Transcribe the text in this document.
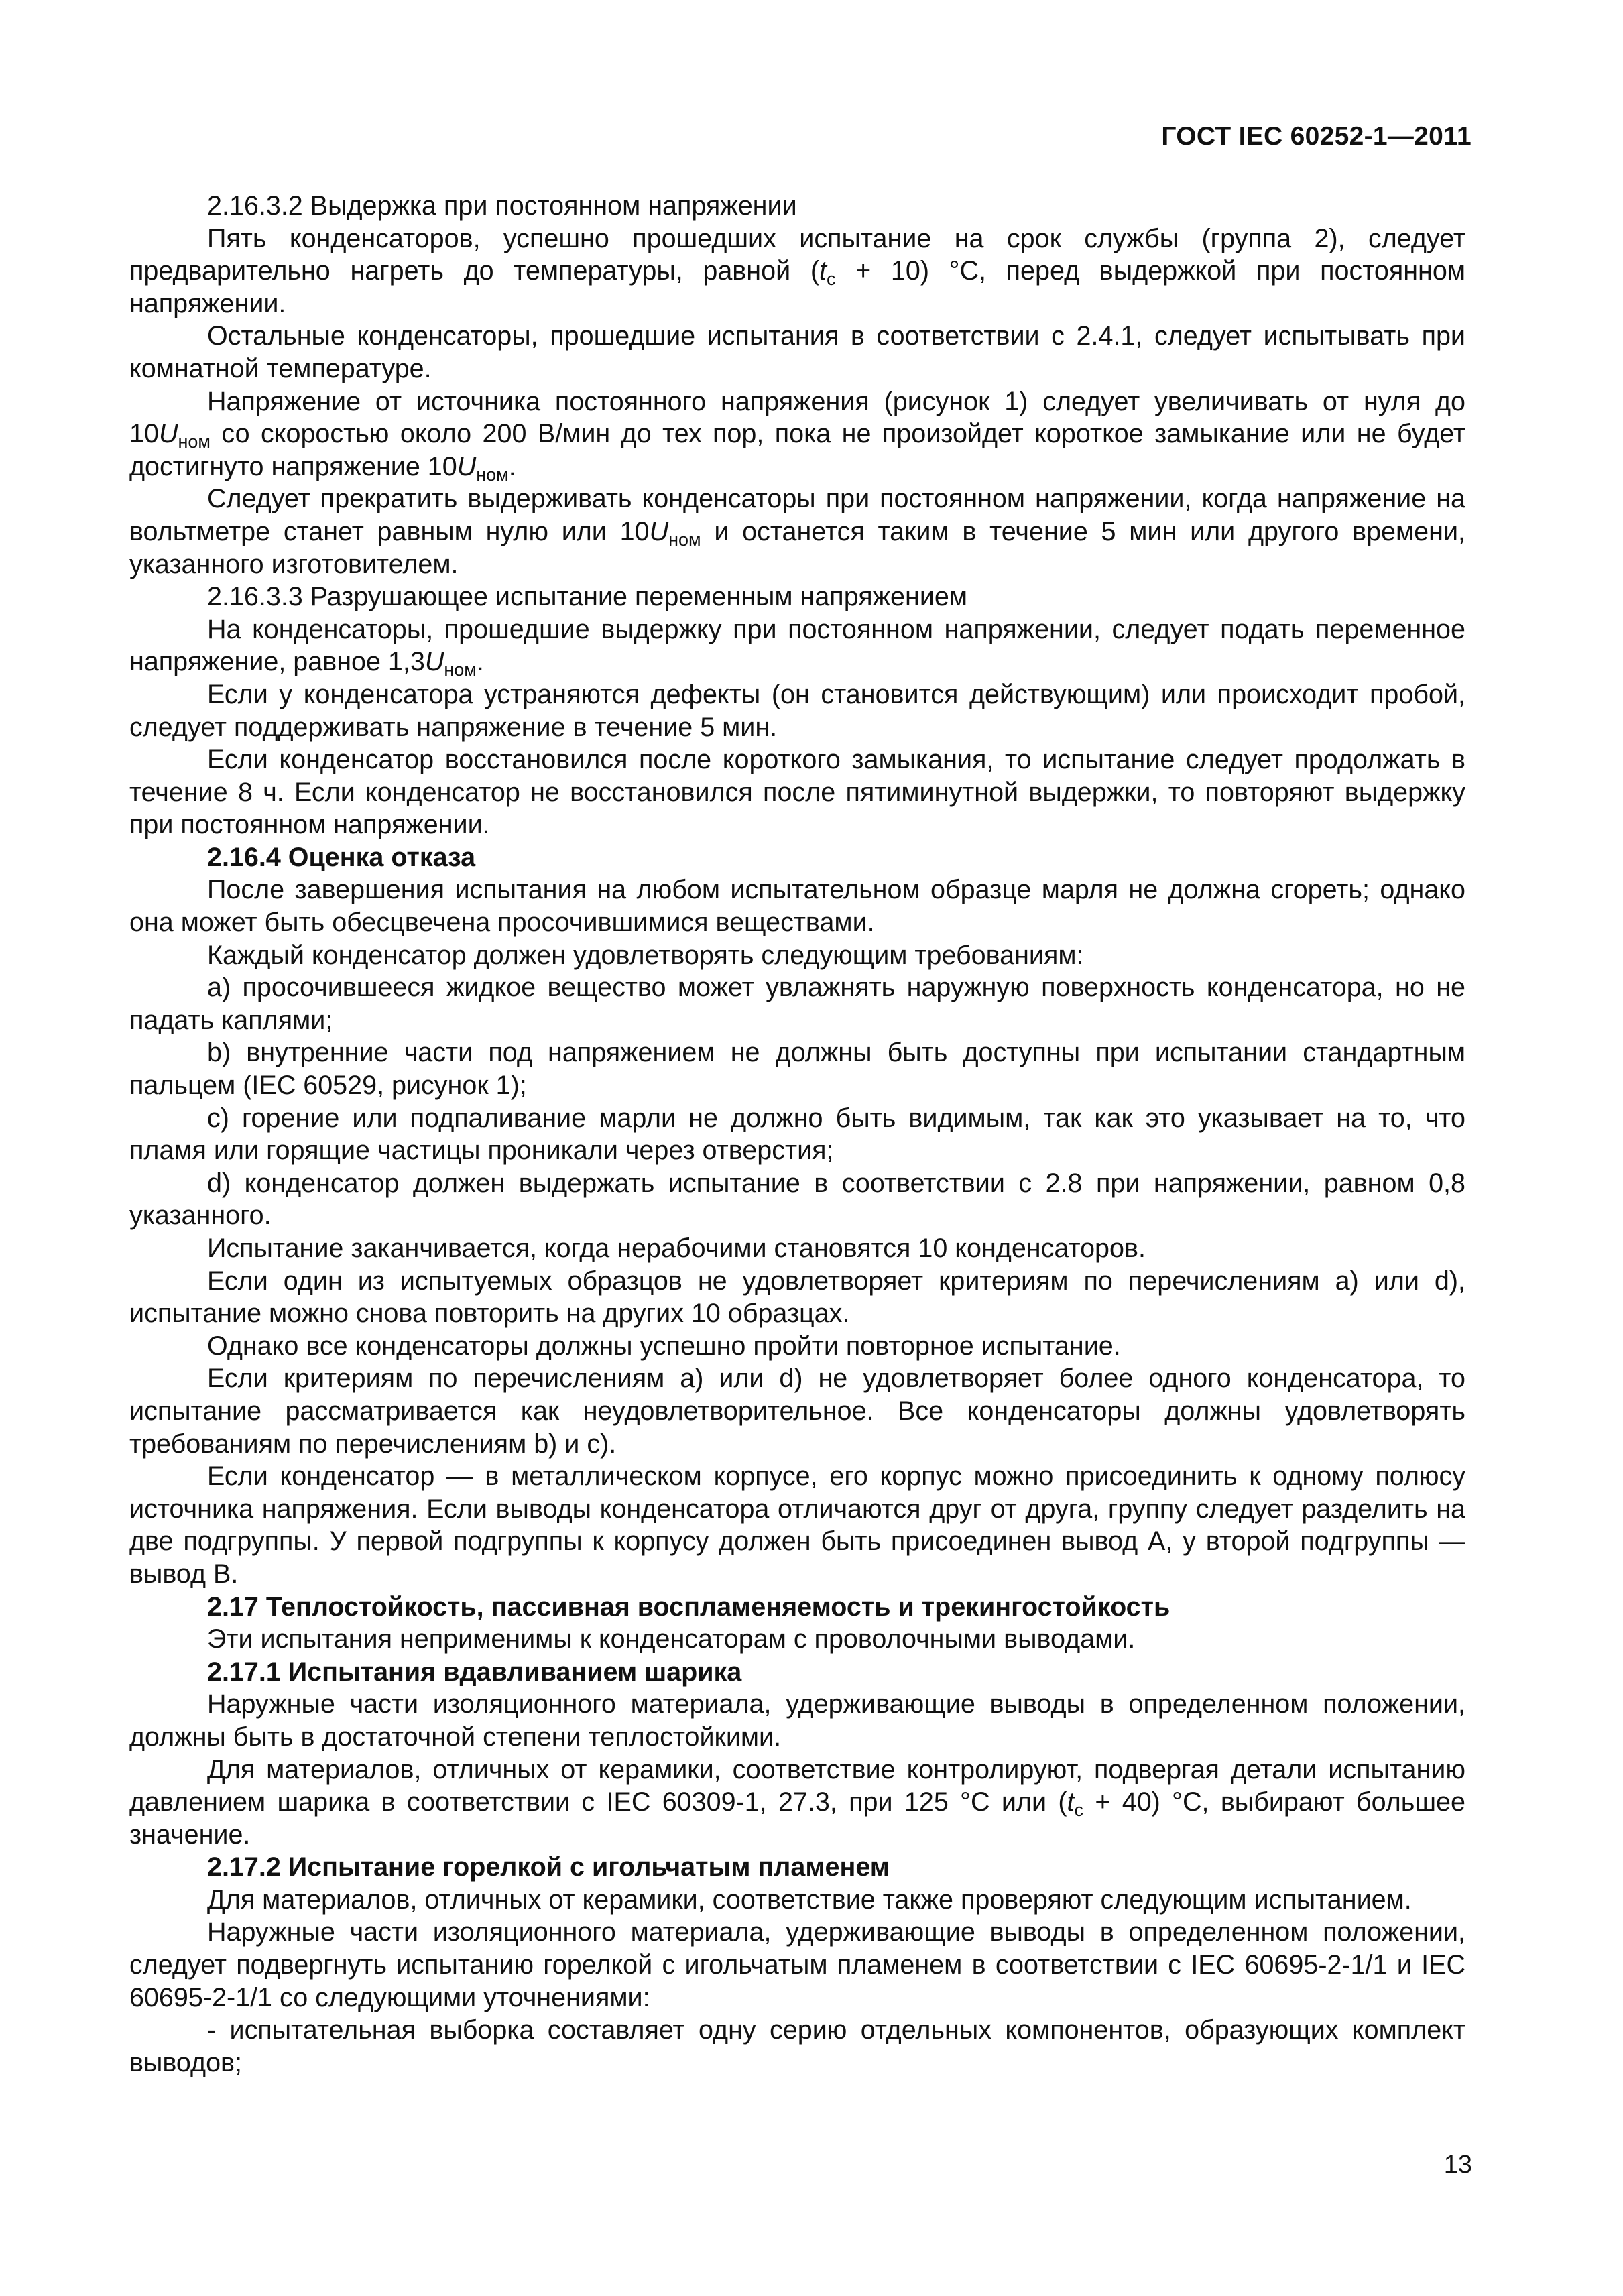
ГОСТ IEC 60252-1—2011

2.16.3.2 Выдержка при постоянном напряжении

Пять конденсаторов, успешно прошедших испытание на срок службы (группа 2), следует предварительно нагреть до температуры, равной $(t_c + 10)$ °С, перед выдержкой при постоянном напряжении.

Остальные конденсаторы, прошедшие испытания в соответствии с 2.4.1, следует испытывать при комнатной температуре.

Напряжение от источника постоянного напряжения (рисунок 1) следует увеличивать от нуля до $10U_{ном}$ со скоростью около 200 В/мин до тех пор, пока не произойдет короткое замыкание или не будет достигнуто напряжение $10U_{ном}$.

Следует прекратить выдерживать конденсаторы при постоянном напряжении, когда напряжение на вольтметре станет равным нулю или $10U_{ном}$ и останется таким в течение 5 мин или другого времени, указанного изготовителем.

2.16.3.3 Разрушающее испытание переменным напряжением

На конденсаторы, прошедшие выдержку при постоянном напряжении, следует подать переменное напряжение, равное $1,3U_{ном}$.

Если у конденсатора устраняются дефекты (он становится действующим) или происходит пробой, следует поддерживать напряжение в течение 5 мин.

Если конденсатор восстановился после короткого замыкания, то испытание следует продолжать в течение 8 ч. Если конденсатор не восстановился после пятиминутной выдержки, то повторяют выдержку при постоянном напряжении.

2.16.4 Оценка отказа

После завершения испытания на любом испытательном образце марля не должна сгореть; однако она может быть обесцвечена просочившимися веществами.

Каждый конденсатор должен удовлетворять следующим требованиям:

a) просочившееся жидкое вещество может увлажнять наружную поверхность конденсатора, но не падать каплями;

b) внутренние части под напряжением не должны быть доступны при испытании стандартным пальцем (IEC 60529, рисунок 1);

c) горение или подпаливание марли не должно быть видимым, так как это указывает на то, что пламя или горящие частицы проникали через отверстия;

d) конденсатор должен выдержать испытание в соответствии с 2.8 при напряжении, равном 0,8 указанного.

Испытание заканчивается, когда нерабочими становятся 10 конденсаторов.

Если один из испытуемых образцов не удовлетворяет критериям по перечислениям a) или d), испытание можно снова повторить на других 10 образцах.

Однако все конденсаторы должны успешно пройти повторное испытание.

Если критериям по перечислениям a) или d) не удовлетворяет более одного конденсатора, то испытание рассматривается как неудовлетворительное. Все конденсаторы должны удовлетворять требованиям по перечислениям b) и c).

Если конденсатор — в металлическом корпусе, его корпус можно присоединить к одному полюсу источника напряжения. Если выводы конденсатора отличаются друг от друга, группу следует разделить на две подгруппы. У первой подгруппы к корпусу должен быть присоединен вывод А, у второй подгруппы — вывод В.

2.17 Теплостойкость, пассивная воспламеняемость и трекингостойкость

Эти испытания неприменимы к конденсаторам с проволочными выводами.

2.17.1 Испытания вдавливанием шарика

Наружные части изоляционного материала, удерживающие выводы в определенном положении, должны быть в достаточной степени теплостойкими.

Для материалов, отличных от керамики, соответствие контролируют, подвергая детали испытанию давлением шарика в соответствии с IEC 60309-1, 27.3, при 125 °С или $(t_c + 40)$ °С, выбирают большее значение.

2.17.2 Испытание горелкой с игольчатым пламенем

Для материалов, отличных от керамики, соответствие также проверяют следующим испытанием.

Наружные части изоляционного материала, удерживающие выводы в определенном положении, следует подвергнуть испытанию горелкой с игольчатым пламенем в соответствии с IEC 60695-2-1/1 и IEC 60695-2-1/1 со следующими уточнениями:

- испытательная выборка составляет одну серию отдельных компонентов, образующих комплект выводов;

13
